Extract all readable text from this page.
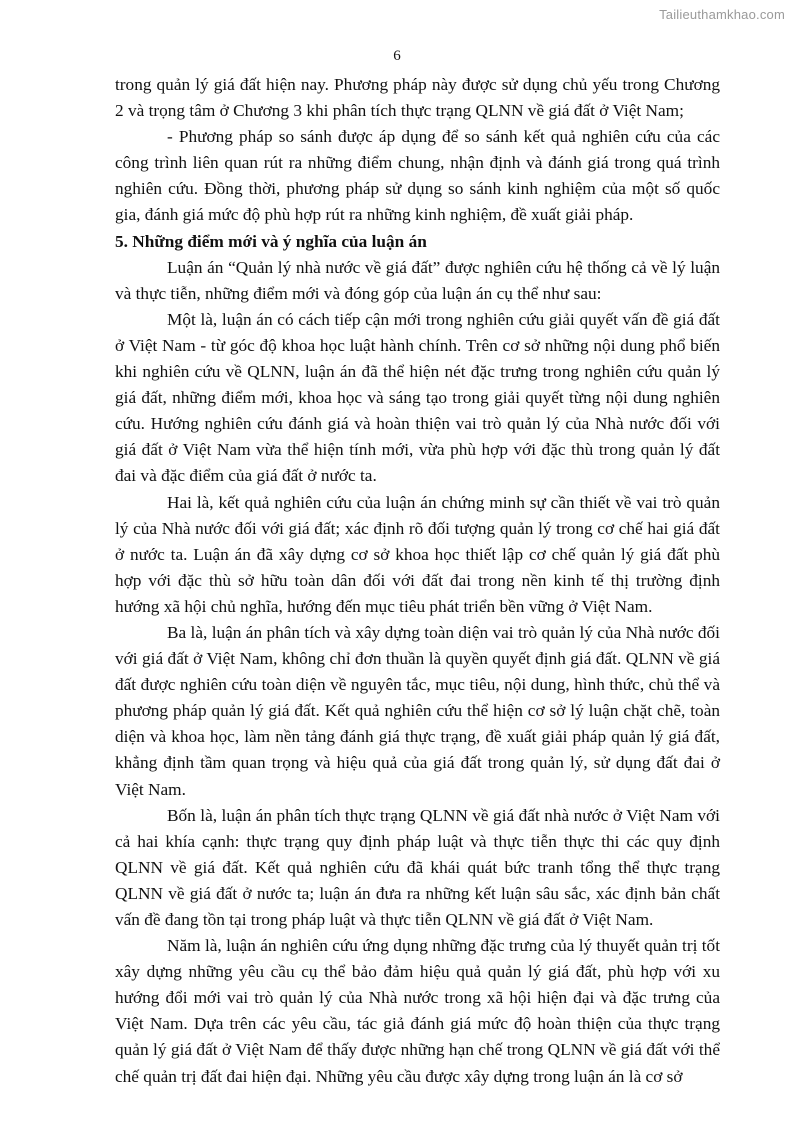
Tailieuthamkhao.com
6

trong quản lý giá đất hiện nay. Phương pháp này được sử dụng chủ yếu trong Chương 2 và trọng tâm ở Chương 3 khi phân tích thực trạng QLNN về giá đất ở Việt Nam;

- Phương pháp so sánh được áp dụng để so sánh kết quả nghiên cứu của các công trình liên quan rút ra những điểm chung, nhận định và đánh giá trong quá trình nghiên cứu. Đồng thời, phương pháp sử dụng so sánh kinh nghiệm của một số quốc gia, đánh giá mức độ phù hợp rút ra những kinh nghiệm, đề xuất giải pháp.

5. Những điểm mới và ý nghĩa của luận án

Luận án “Quản lý nhà nước về giá đất” được nghiên cứu hệ thống cả về lý luận và thực tiễn, những điểm mới và đóng góp của luận án cụ thể như sau:

Một là, luận án có cách tiếp cận mới trong nghiên cứu giải quyết vấn đề giá đất ở Việt Nam - từ góc độ khoa học luật hành chính. Trên cơ sở những nội dung phổ biến khi nghiên cứu về QLNN, luận án đã thể hiện nét đặc trưng trong nghiên cứu quản lý giá đất, những điểm mới, khoa học và sáng tạo trong giải quyết từng nội dung nghiên cứu. Hướng nghiên cứu đánh giá và hoàn thiện vai trò quản lý của Nhà nước đối với giá đất ở Việt Nam vừa thể hiện tính mới, vừa phù hợp với đặc thù trong quản lý đất đai và đặc điểm của giá đất ở nước ta.

Hai là, kết quả nghiên cứu của luận án chứng minh sự cần thiết về vai trò quản lý của Nhà nước đối với giá đất; xác định rõ đối tượng quản lý trong cơ chế hai giá đất ở nước ta. Luận án đã xây dựng cơ sở khoa học thiết lập cơ chế quản lý giá đất phù hợp với đặc thù sở hữu toàn dân đối với đất đai trong nền kinh tế thị trường định hướng xã hội chủ nghĩa, hướng đến mục tiêu phát triển bền vững ở Việt Nam.

Ba là, luận án phân tích và xây dựng toàn diện vai trò quản lý của Nhà nước đối với giá đất ở Việt Nam, không chỉ đơn thuần là quyền quyết định giá đất. QLNN về giá đất được nghiên cứu toàn diện về nguyên tắc, mục tiêu, nội dung, hình thức, chủ thể và phương pháp quản lý giá đất. Kết quả nghiên cứu thể hiện cơ sở lý luận chặt chẽ, toàn diện và khoa học, làm nền tảng đánh giá thực trạng, đề xuất giải pháp quản lý giá đất, khẳng định tầm quan trọng và hiệu quả của giá đất trong quản lý, sử dụng đất đai ở Việt Nam.

Bốn là, luận án phân tích thực trạng QLNN về giá đất nhà nước ở Việt Nam với cả hai khía cạnh: thực trạng quy định pháp luật và thực tiễn thực thi các quy định QLNN về giá đất. Kết quả nghiên cứu đã khái quát bức tranh tổng thể thực trạng QLNN về giá đất ở nước ta; luận án đưa ra những kết luận sâu sắc, xác định bản chất vấn đề đang tồn tại trong pháp luật và thực tiễn QLNN về giá đất ở Việt Nam.

Năm là, luận án nghiên cứu ứng dụng những đặc trưng của lý thuyết quản trị tốt xây dựng những yêu cầu cụ thể bảo đảm hiệu quả quản lý giá đất, phù hợp với xu hướng đổi mới vai trò quản lý của Nhà nước trong xã hội hiện đại và đặc trưng của Việt Nam. Dựa trên các yêu cầu, tác giả đánh giá mức độ hoàn thiện của thực trạng quản lý giá đất ở Việt Nam để thấy được những hạn chế trong QLNN về giá đất với thể chế quản trị đất đai hiện đại. Những yêu cầu được xây dựng trong luận án là cơ sở
